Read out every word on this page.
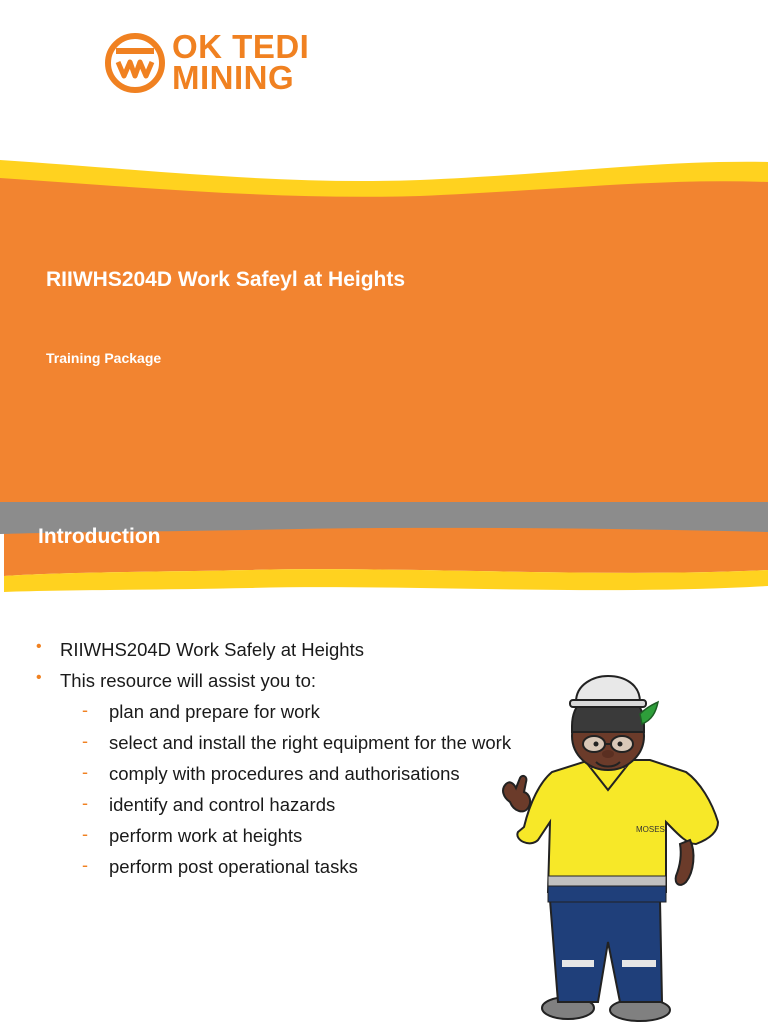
OK TEDI
MINING
RIIWHS204D Work Safeyl at Heights
Training Package
Introduction
• RIIWHS204D Work Safely at Heights
• This resource will assist you to:
- plan and prepare for work
- select and install the right equipment for the work
- comply with procedures and authorisations
- identify and control hazards
- perform work at heights
- perform post operational tasks
MOSES
